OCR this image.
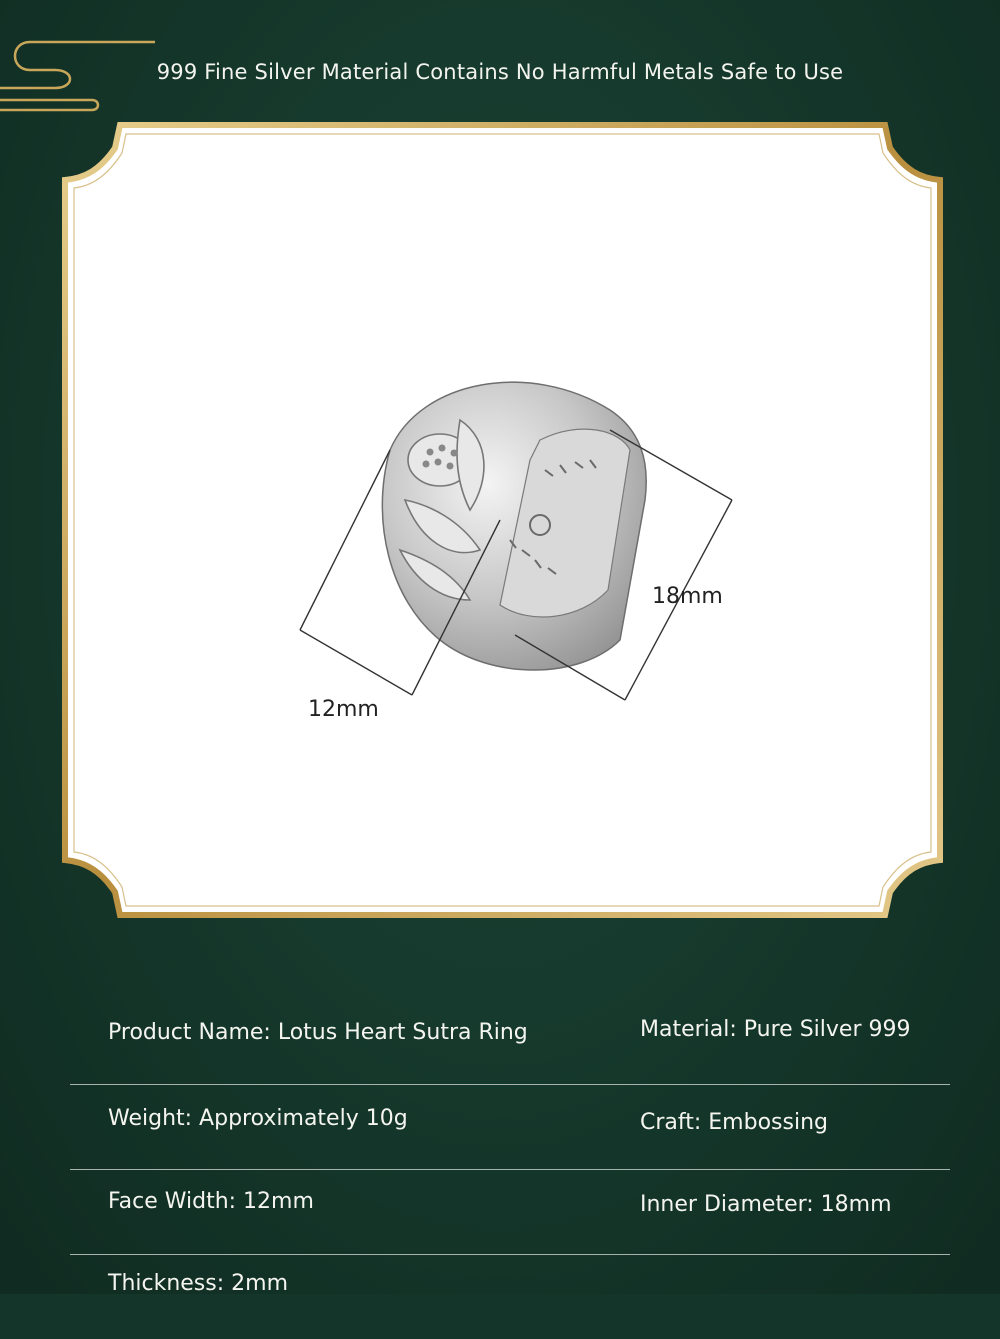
999 Fine Silver Material Contains No Harmful Metals Safe to Use
12mm
18mm
Product Name: Lotus Heart Sutra Ring	Material: Pure Silver 999
Weight: Approximately 10g	Craft: Embossing
Face Width: 12mm	Inner Diameter: 18mm
Thickness: 2mm
